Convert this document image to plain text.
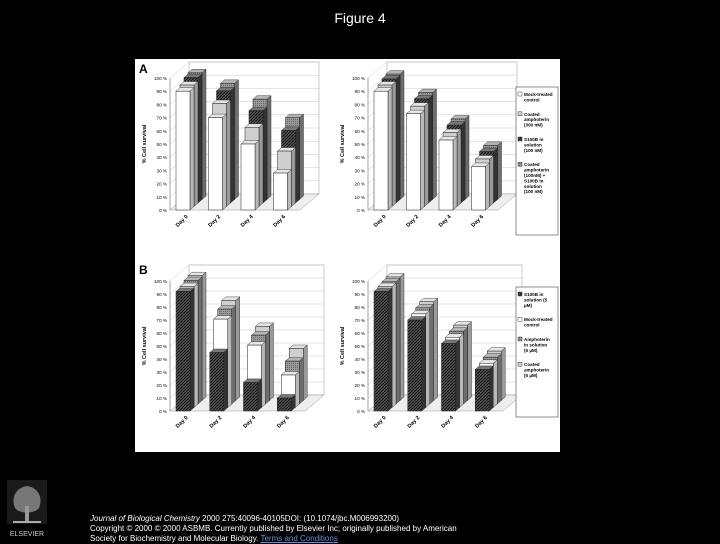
Figure 4
A
B
0 %
10 %
20 %
30 %
40 %
50 %
60 %
70 %
80 %
90 %
100 %
% Cell survival
Day 0	Day 2	Day 4	Day 6
0 %
10 %
20 %
30 %
40 %
50 %
60 %
70 %
80 %
90 %
100 %
% Cell survival
Day 0	Day 2	Day 4	Day 6
0 %
10 %
20 %
30 %
40 %
50 %
60 %
70 %
80 %
90 %
100 %
% Cell survival
Day 0	Day 2	Day 4	Day 6
0 %
10 %
20 %
30 %
40 %
50 %
60 %
70 %
80 %
90 %
100 %
% Cell survival
Day 0	Day 2	Day 4	Day 6
Mock-treated control
Coated amphoterin (300 nM)
S100B in solution (100 nM)
Coated amphoterin (100nM) + S100B in solution (100 nM)
S100B in solution (5 µM)
Mock-treated control
Amphoterin in solution (5 µM)
Coated amphoterin (5 µM)
ELSEVIER
Journal of Biological Chemistry 2000 275:40096-40105DOI: (10.1074/jbc.M006993200)
Copyright © 2000 © 2000 ASBMB. Currently published by Elsevier Inc; originally published by American
Society for Biochemistry and Molecular Biology. Terms and Conditions
